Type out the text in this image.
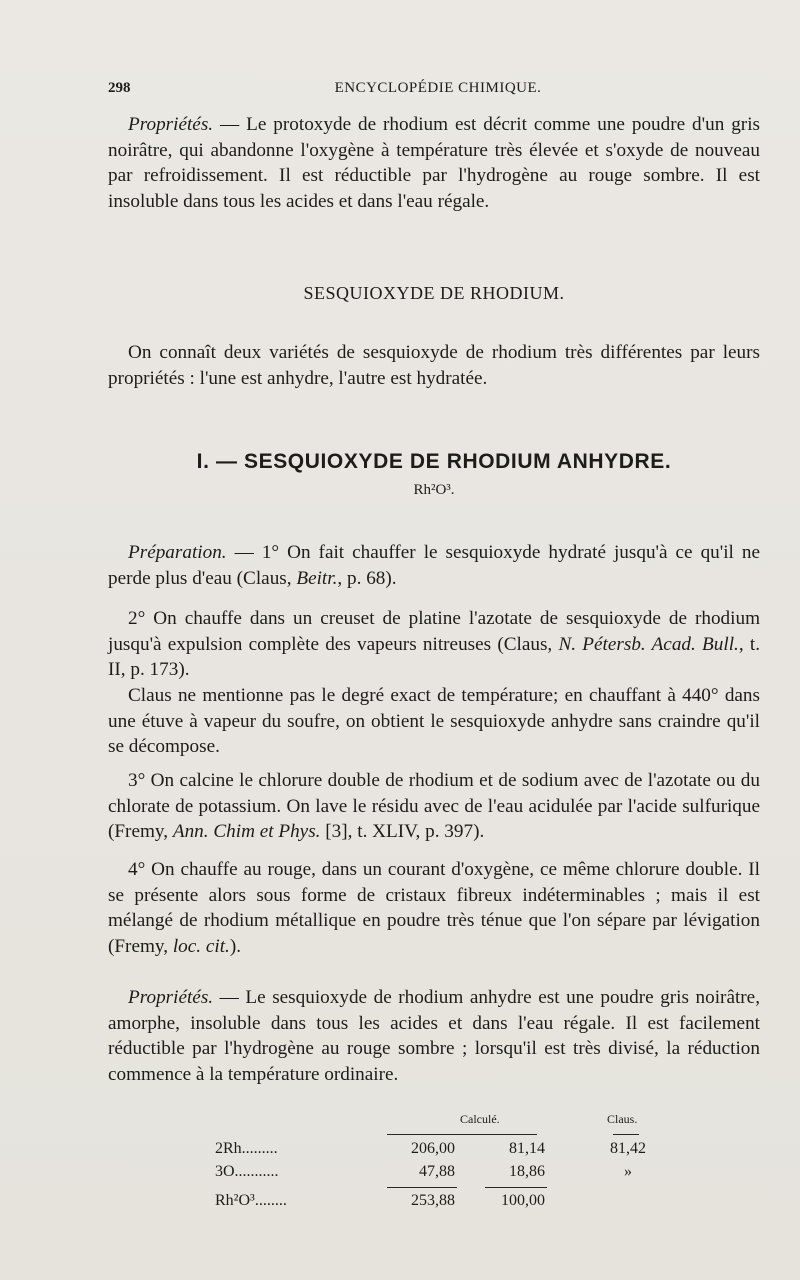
298	ENCYCLOPÉDIE CHIMIQUE.

Propriétés. — Le protoxyde de rhodium est décrit comme une poudre d'un gris noirâtre, qui abandonne l'oxygène à température très élevée et s'oxyde de nouveau par refroidissement. Il est réductible par l'hydrogène au rouge sombre. Il est insoluble dans tous les acides et dans l'eau régale.

SESQUIOXYDE DE RHODIUM.

On connaît deux variétés de sesquioxyde de rhodium très différentes par leurs propriétés : l'une est anhydre, l'autre est hydratée.

I. — SESQUIOXYDE DE RHODIUM ANHYDRE.
Rh²O³.

Préparation. — 1° On fait chauffer le sesquioxyde hydraté jusqu'à ce qu'il ne perde plus d'eau (Claus, Beitr., p. 68).

2° On chauffe dans un creuset de platine l'azotate de sesquioxyde de rhodium jusqu'à expulsion complète des vapeurs nitreuses (Claus, N. Pétersb. Acad. Bull., t. II, p. 173).

Claus ne mentionne pas le degré exact de température; en chauffant à 440° dans une étuve à vapeur du soufre, on obtient le sesquioxyde anhydre sans craindre qu'il se décompose.

3° On calcine le chlorure double de rhodium et de sodium avec de l'azotate ou du chlorate de potassium. On lave le résidu avec de l'eau acidulée par l'acide sulfurique (Fremy, Ann. Chim et Phys. [3], t. XLIV, p. 397).

4° On chauffe au rouge, dans un courant d'oxygène, ce même chlorure double. Il se présente alors sous forme de cristaux fibreux indéterminables ; mais il est mélangé de rhodium métallique en poudre très ténue que l'on sépare par lévigation (Fremy, loc. cit.).

Propriétés. — Le sesquioxyde de rhodium anhydre est une poudre gris noirâtre, amorphe, insoluble dans tous les acides et dans l'eau régale. Il est facilement réductible par l'hydrogène au rouge sombre ; lorsqu'il est très divisé, la réduction commence à la température ordinaire.

Calculé.	Claus.
2Rh.........	206,00	81,14	81,42
3O...........	47,88	18,86	»
Rh²O³........	253,88	100,00
